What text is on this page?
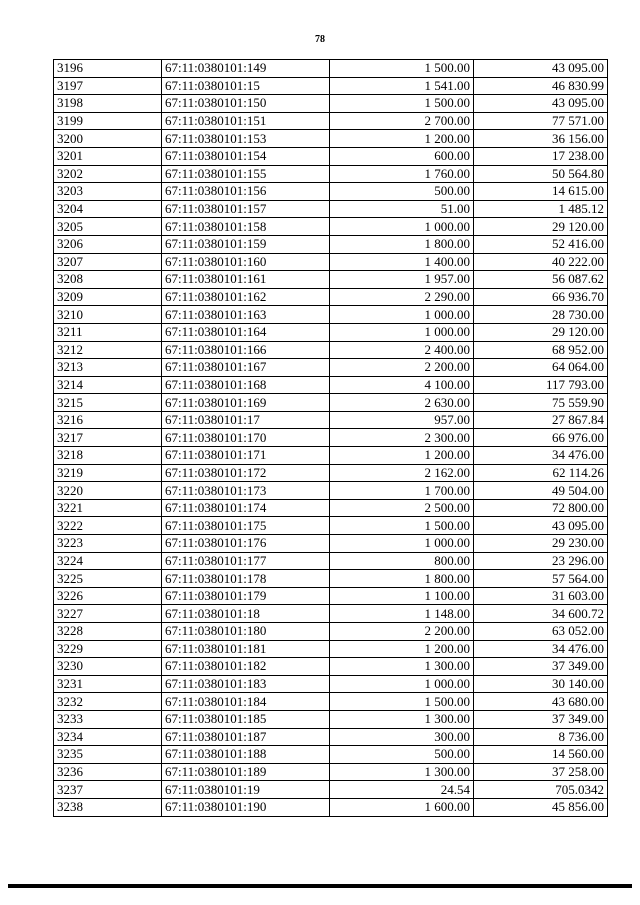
78
3196	67:11:0380101:149	1 500.00	43 095.00
3197	67:11:0380101:15	1 541.00	46 830.99
3198	67:11:0380101:150	1 500.00	43 095.00
3199	67:11:0380101:151	2 700.00	77 571.00
3200	67:11:0380101:153	1 200.00	36 156.00
3201	67:11:0380101:154	600.00	17 238.00
3202	67:11:0380101:155	1 760.00	50 564.80
3203	67:11:0380101:156	500.00	14 615.00
3204	67:11:0380101:157	51.00	1 485.12
3205	67:11:0380101:158	1 000.00	29 120.00
3206	67:11:0380101:159	1 800.00	52 416.00
3207	67:11:0380101:160	1 400.00	40 222.00
3208	67:11:0380101:161	1 957.00	56 087.62
3209	67:11:0380101:162	2 290.00	66 936.70
3210	67:11:0380101:163	1 000.00	28 730.00
3211	67:11:0380101:164	1 000.00	29 120.00
3212	67:11:0380101:166	2 400.00	68 952.00
3213	67:11:0380101:167	2 200.00	64 064.00
3214	67:11:0380101:168	4 100.00	117 793.00
3215	67:11:0380101:169	2 630.00	75 559.90
3216	67:11:0380101:17	957.00	27 867.84
3217	67:11:0380101:170	2 300.00	66 976.00
3218	67:11:0380101:171	1 200.00	34 476.00
3219	67:11:0380101:172	2 162.00	62 114.26
3220	67:11:0380101:173	1 700.00	49 504.00
3221	67:11:0380101:174	2 500.00	72 800.00
3222	67:11:0380101:175	1 500.00	43 095.00
3223	67:11:0380101:176	1 000.00	29 230.00
3224	67:11:0380101:177	800.00	23 296.00
3225	67:11:0380101:178	1 800.00	57 564.00
3226	67:11:0380101:179	1 100.00	31 603.00
3227	67:11:0380101:18	1 148.00	34 600.72
3228	67:11:0380101:180	2 200.00	63 052.00
3229	67:11:0380101:181	1 200.00	34 476.00
3230	67:11:0380101:182	1 300.00	37 349.00
3231	67:11:0380101:183	1 000.00	30 140.00
3232	67:11:0380101:184	1 500.00	43 680.00
3233	67:11:0380101:185	1 300.00	37 349.00
3234	67:11:0380101:187	300.00	8 736.00
3235	67:11:0380101:188	500.00	14 560.00
3236	67:11:0380101:189	1 300.00	37 258.00
3237	67:11:0380101:19	24.54	705.0342
3238	67:11:0380101:190	1 600.00	45 856.00
